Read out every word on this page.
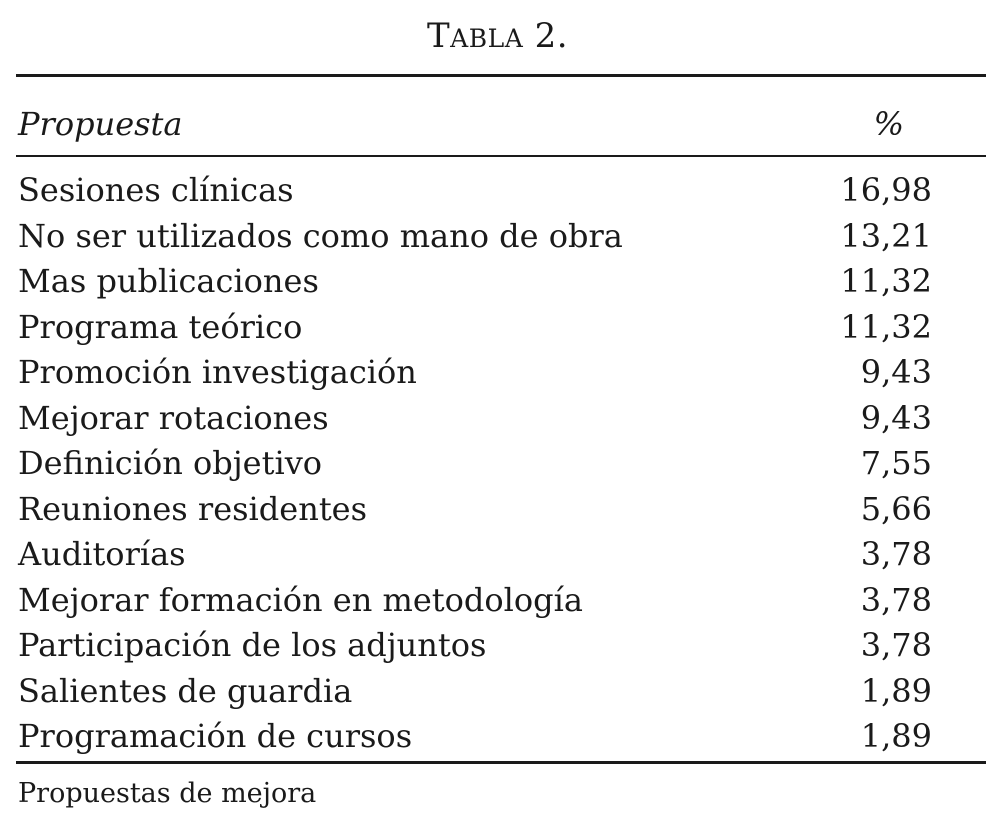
TABLA 2.
Propuesta	%
Sesiones clínicas	16,98
No ser utilizados como mano de obra	13,21
Mas publicaciones	11,32
Programa teórico	11,32
Promoción investigación	9,43
Mejorar rotaciones	9,43
Definición objetivo	7,55
Reuniones residentes	5,66
Auditorías	3,78
Mejorar formación en metodología	3,78
Participación de los adjuntos	3,78
Salientes de guardia	1,89
Programación de cursos	1,89
Propuestas de mejora
